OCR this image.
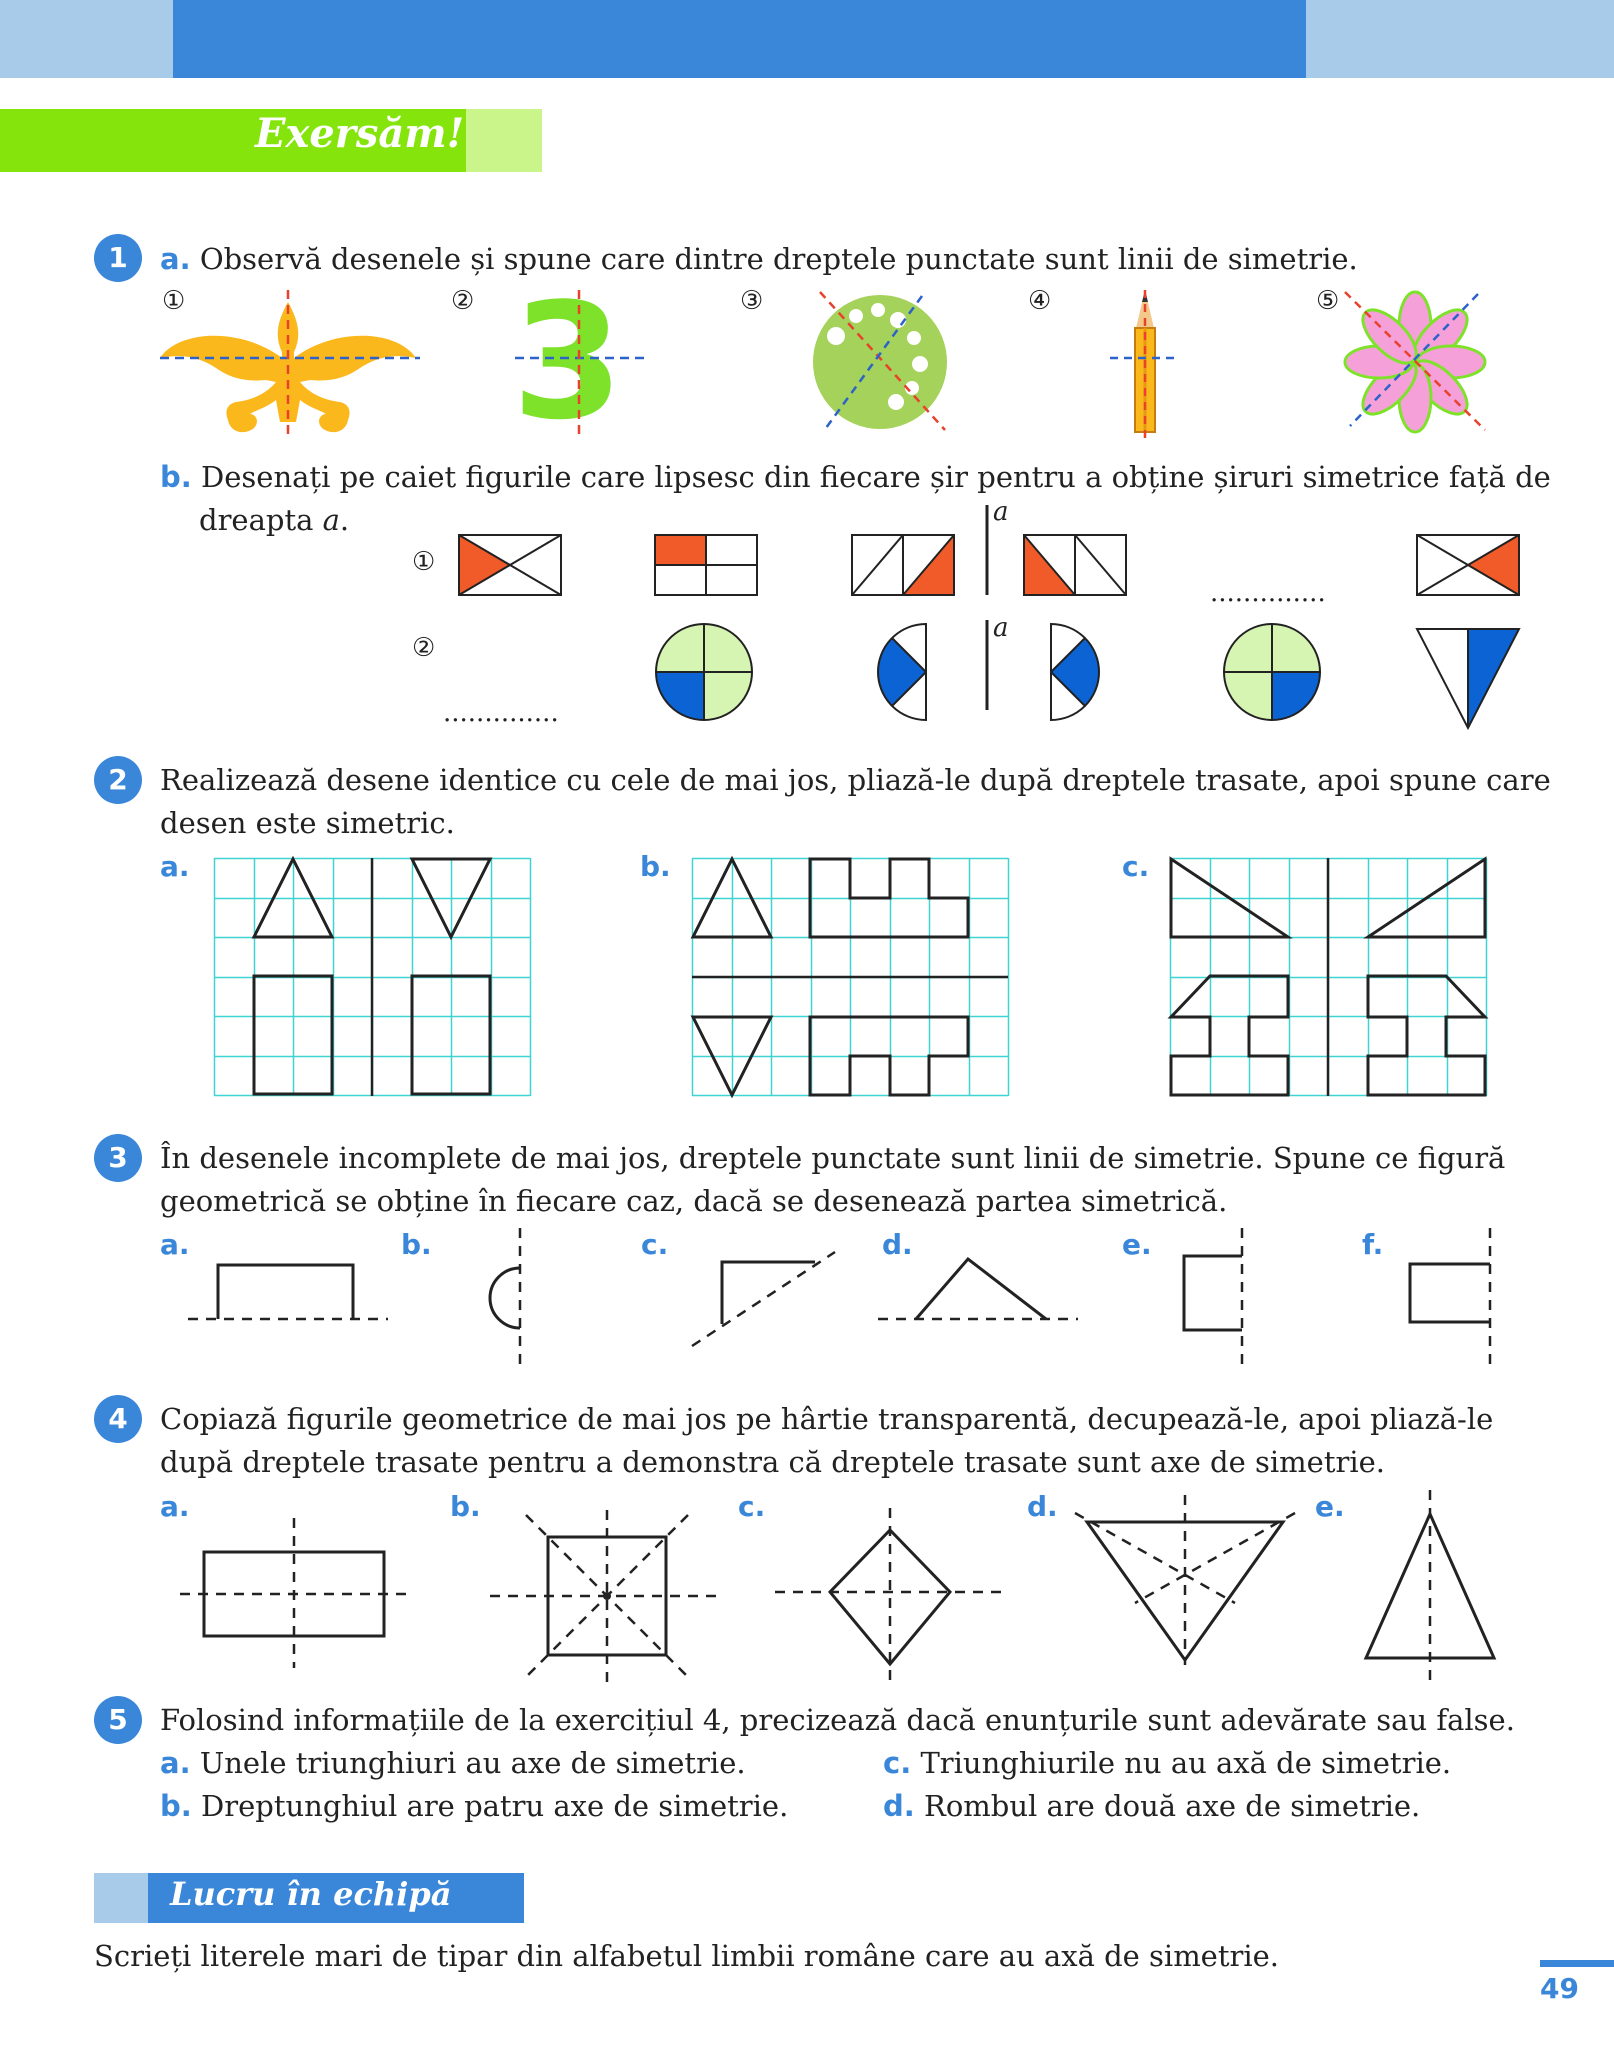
Exersăm!
1	a. Observă desenele și spune care dintre dreptele punctate sunt linii de simetrie.
①	②	③	④	⑤
3
b. Desenați pe caiet figurile care lipsesc din fiecare șir pentru a obține șiruri simetrice față de
dreapta a.
①
②
a
a
..............
..............
2	Realizează desene identice cu cele de mai jos, pliază-le după dreptele trasate, apoi spune care
desen este simetric.
a.	b.	c.
3	În desenele incomplete de mai jos, dreptele punctate sunt linii de simetrie. Spune ce figură
geometrică se obține în fiecare caz, dacă se desenează partea simetrică.
a.	b.	c.	d.	e.	f.
4	Copiază figurile geometrice de mai jos pe hârtie transparentă, decupează-le, apoi pliază-le
după dreptele trasate pentru a demonstra că dreptele trasate sunt axe de simetrie.
a.	b.	c.	d.	e.
5	Folosind informațiile de la exercițiul 4, precizează dacă enunțurile sunt adevărate sau false.
a. Unele triunghiuri au axe de simetrie.
b. Dreptunghiul are patru axe de simetrie.
c. Triunghiurile nu au axă de simetrie.
d. Rombul are două axe de simetrie.
Lucru în echipă
Scrieți literele mari de tipar din alfabetul limbii române care au axă de simetrie.
49
